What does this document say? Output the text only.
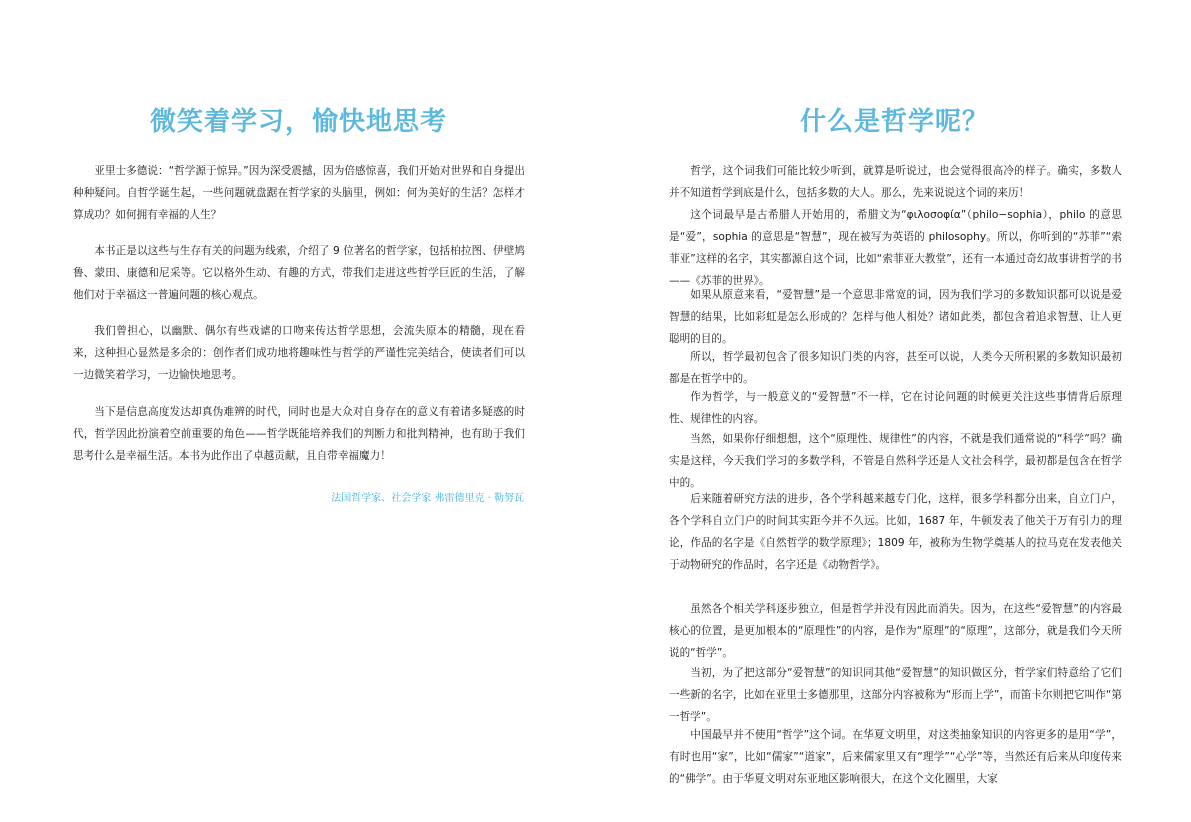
微笑着学习，愉快地思考

亚里士多德说：“哲学源于惊异。”因为深受震撼，因为倍感惊喜，我们开始对世界和自身提出种种疑问。自哲学诞生起，一些问题就盘踞在哲学家的头脑里，例如：何为美好的生活？怎样才算成功？如何拥有幸福的人生？

本书正是以这些与生存有关的问题为线索，介绍了 9 位著名的哲学家，包括柏拉图、伊壁鸠鲁、蒙田、康德和尼采等。它以格外生动、有趣的方式，带我们走进这些哲学巨匠的生活，了解他们对于幸福这一普遍问题的核心观点。

我们曾担心，以幽默、偶尔有些戏谑的口吻来传达哲学思想，会流失原本的精髓，现在看来，这种担心显然是多余的：创作者们成功地将趣味性与哲学的严谨性完美结合，使读者们可以一边微笑着学习，一边愉快地思考。

当下是信息高度发达却真伪难辨的时代，同时也是大众对自身存在的意义有着诸多疑惑的时代，哲学因此扮演着空前重要的角色——哲学既能培养我们的判断力和批判精神，也有助于我们思考什么是幸福生活。本书为此作出了卓越贡献，且自带幸福魔力！

法国哲学家、社会学家 弗雷德里克 · 勒努瓦

什么是哲学呢？

哲学，这个词我们可能比较少听到，就算是听说过，也会觉得很高冷的样子。确实，多数人并不知道哲学到底是什么，包括多数的大人。那么，先来说说这个词的来历！

这个词最早是古希腊人开始用的，希腊文为“φιλοσοφία”（philo−sophia），philo 的意思是“爱”，sophia 的意思是“智慧”，现在被写为英语的 philosophy。所以，你听到的“苏菲”“索菲亚”这样的名字，其实都源自这个词，比如“索菲亚大教堂”，还有一本通过奇幻故事讲哲学的书——《苏菲的世界》。

如果从原意来看，“爱智慧”是一个意思非常宽的词，因为我们学习的多数知识都可以说是爱智慧的结果，比如彩虹是怎么形成的？怎样与他人相处？诸如此类，都包含着追求智慧、让人更聪明的目的。

所以，哲学最初包含了很多知识门类的内容，甚至可以说，人类今天所积累的多数知识最初都是在哲学中的。

作为哲学，与一般意义的“爱智慧”不一样，它在讨论问题的时候更关注这些事情背后原理性、规律性的内容。

当然，如果你仔细想想，这个“原理性、规律性”的内容，不就是我们通常说的“科学”吗？确实是这样，今天我们学习的多数学科，不管是自然科学还是人文社会科学，最初都是包含在哲学中的。

后来随着研究方法的进步，各个学科越来越专门化，这样，很多学科都分出来，自立门户，各个学科自立门户的时间其实距今并不久远。比如，1687 年，牛顿发表了他关于万有引力的理论，作品的名字是《自然哲学的数学原理》；1809 年，被称为生物学奠基人的拉马克在发表他关于动物研究的作品时，名字还是《动物哲学》。

虽然各个相关学科逐步独立，但是哲学并没有因此而消失。因为，在这些“爱智慧”的内容最核心的位置，是更加根本的“原理性”的内容，是作为“原理”的“原理”，这部分，就是我们今天所说的“哲学”。

当初，为了把这部分“爱智慧”的知识同其他“爱智慧”的知识做区分，哲学家们特意给了它们一些新的名字，比如在亚里士多德那里，这部分内容被称为“形而上学”，而笛卡尔则把它叫作“第一哲学”。

中国最早并不使用“哲学”这个词。在华夏文明里，对这类抽象知识的内容更多的是用“学”，有时也用“家”，比如“儒家”“道家”，后来儒家里又有“理学”“心学”等，当然还有后来从印度传来的“佛学”。由于华夏文明对东亚地区影响很大，在这个文化圈里，大家
